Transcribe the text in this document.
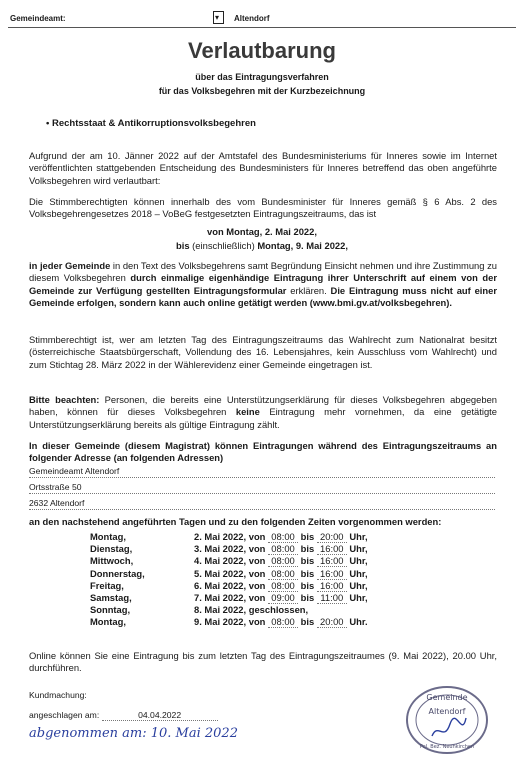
Gemeindeamt:	▾ Altendorf
Verlautbarung
über das Eintragungsverfahren
für das Volksbegehren mit der Kurzbezeichnung
• Rechtsstaat & Antikorruptionsvolksbegehren
Aufgrund der am 10. Jänner 2022 auf der Amtstafel des Bundesministeriums für Inneres sowie im Internet veröffentlichten stattgebenden Entscheidung des Bundesministers für Inneres betreffend das oben angeführte Volksbegehren wird verlautbart:
Die Stimmberechtigten können innerhalb des vom Bundesminister für Inneres gemäß § 6 Abs. 2 des Volksbegehrengesetzes 2018 – VoBeG festgesetzten Eintragungszeitraums, das ist
von Montag, 2. Mai 2022,
bis (einschließlich) Montag, 9. Mai 2022,
in jeder Gemeinde in den Text des Volksbegehrens samt Begründung Einsicht nehmen und ihre Zustimmung zu diesem Volksbegehren durch einmalige eigenhändige Eintragung ihrer Unterschrift auf einem von der Gemeinde zur Verfügung gestellten Eintragungsformular erklären. Die Eintragung muss nicht auf einer Gemeinde erfolgen, sondern kann auch online getätigt werden (www.bmi.gv.at/volksbegehren).
Stimmberechtigt ist, wer am letzten Tag des Eintragungszeitraums das Wahlrecht zum Nationalrat besitzt (österreichische Staatsbürgerschaft, Vollendung des 16. Lebensjahres, kein Ausschluss vom Wahlrecht) und zum Stichtag 28. März 2022 in der Wählerevidenz einer Gemeinde eingetragen ist.
Bitte beachten: Personen, die bereits eine Unterstützungserklärung für dieses Volksbegehren abgegeben haben, können für dieses Volksbegehren keine Eintragung mehr vornehmen, da eine getätigte Unterstützungserklärung bereits als gültige Eintragung zählt.
In dieser Gemeinde (diesem Magistrat) können Eintragungen während des Eintragungszeitraums an folgender Adresse (an folgenden Adressen)
Gemeindeamt Altendorf
Ortsstraße 50
2632 Altendorf
an den nachstehend angeführten Tagen und zu den folgenden Zeiten vorgenommen werden:
Montag,	2. Mai 2022, von 08:00 bis 20:00 Uhr,
Dienstag,	3. Mai 2022, von 08:00 bis 16:00 Uhr,
Mittwoch,	4. Mai 2022, von 08:00 bis 16:00 Uhr,
Donnerstag,	5. Mai 2022, von 08:00 bis 16:00 Uhr,
Freitag,	6. Mai 2022, von 08:00 bis 16:00 Uhr,
Samstag,	7. Mai 2022, von 09:00 bis 11:00 Uhr,
Sonntag,	8. Mai 2022, geschlossen,
Montag,	9. Mai 2022, von 08:00 bis 20:00 Uhr.
Online können Sie eine Eintragung bis zum letzten Tag des Eintragungszeitraumes (9. Mai 2022), 20.00 Uhr, durchführen.
Kundmachung:
angeschlagen am:	04.04.2022
abgenommen am: 10. Mai 2022
Gemeinde
Altendorf
Pol. Bez. Neunkirchen
